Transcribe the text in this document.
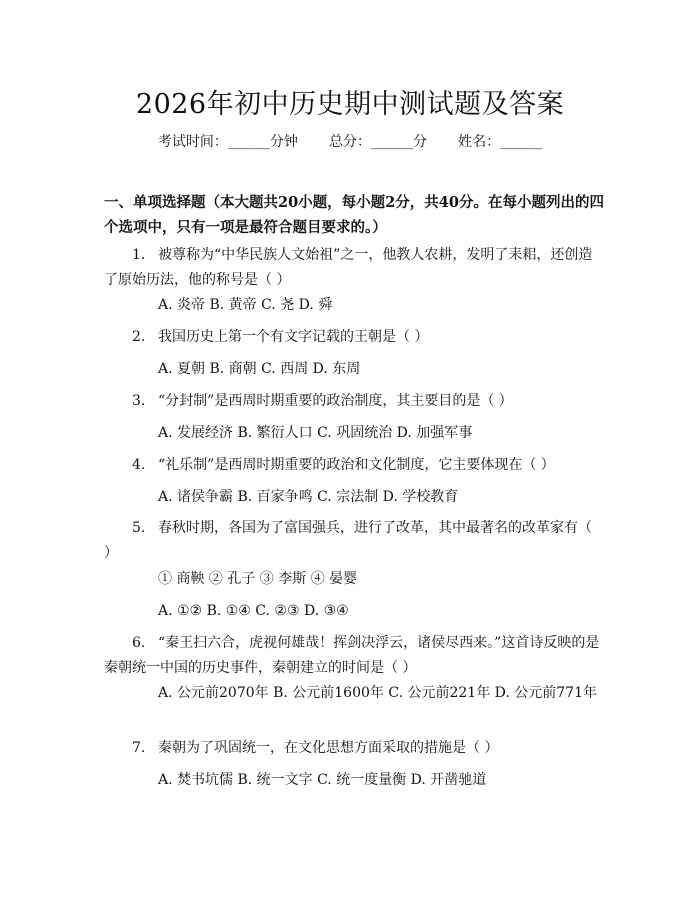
2026年初中历史期中测试题及答案
考试时间：______分钟 总分：______分 姓名：______
一、单项选择题（本大题共20小题，每小题2分，共40分。在每小题列出的四个选项中，只有一项是最符合题目要求的。）
1. 被尊称为“中华民族人文始祖”之一，他教人农耕，发明了耒耜，还创造了原始历法，他的称号是（ ）
A. 炎帝 B. 黄帝 C. 尧 D. 舜
2. 我国历史上第一个有文字记载的王朝是（ ）
A. 夏朝 B. 商朝 C. 西周 D. 东周
3. “分封制”是西周时期重要的政治制度，其主要目的是（ ）
A. 发展经济 B. 繁衍人口 C. 巩固统治 D. 加强军事
4. “礼乐制”是西周时期重要的政治和文化制度，它主要体现在（ ）
A. 诸侯争霸 B. 百家争鸣 C. 宗法制 D. 学校教育
5. 春秋时期，各国为了富国强兵，进行了改革，其中最著名的改革家有（ ）
① 商鞅 ② 孔子 ③ 李斯 ④ 晏婴
A. ①② B. ①④ C. ②③ D. ③④
6. “秦王扫六合，虎视何雄哉！挥剑决浮云，诸侯尽西来。”这首诗反映的是秦朝统一中国的历史事件，秦朝建立的时间是（ ）
A. 公元前2070年 B. 公元前1600年 C. 公元前221年 D. 公元前771年
7. 秦朝为了巩固统一，在文化思想方面采取的措施是（ ）
A. 焚书坑儒 B. 统一文字 C. 统一度量衡 D. 开凿驰道
